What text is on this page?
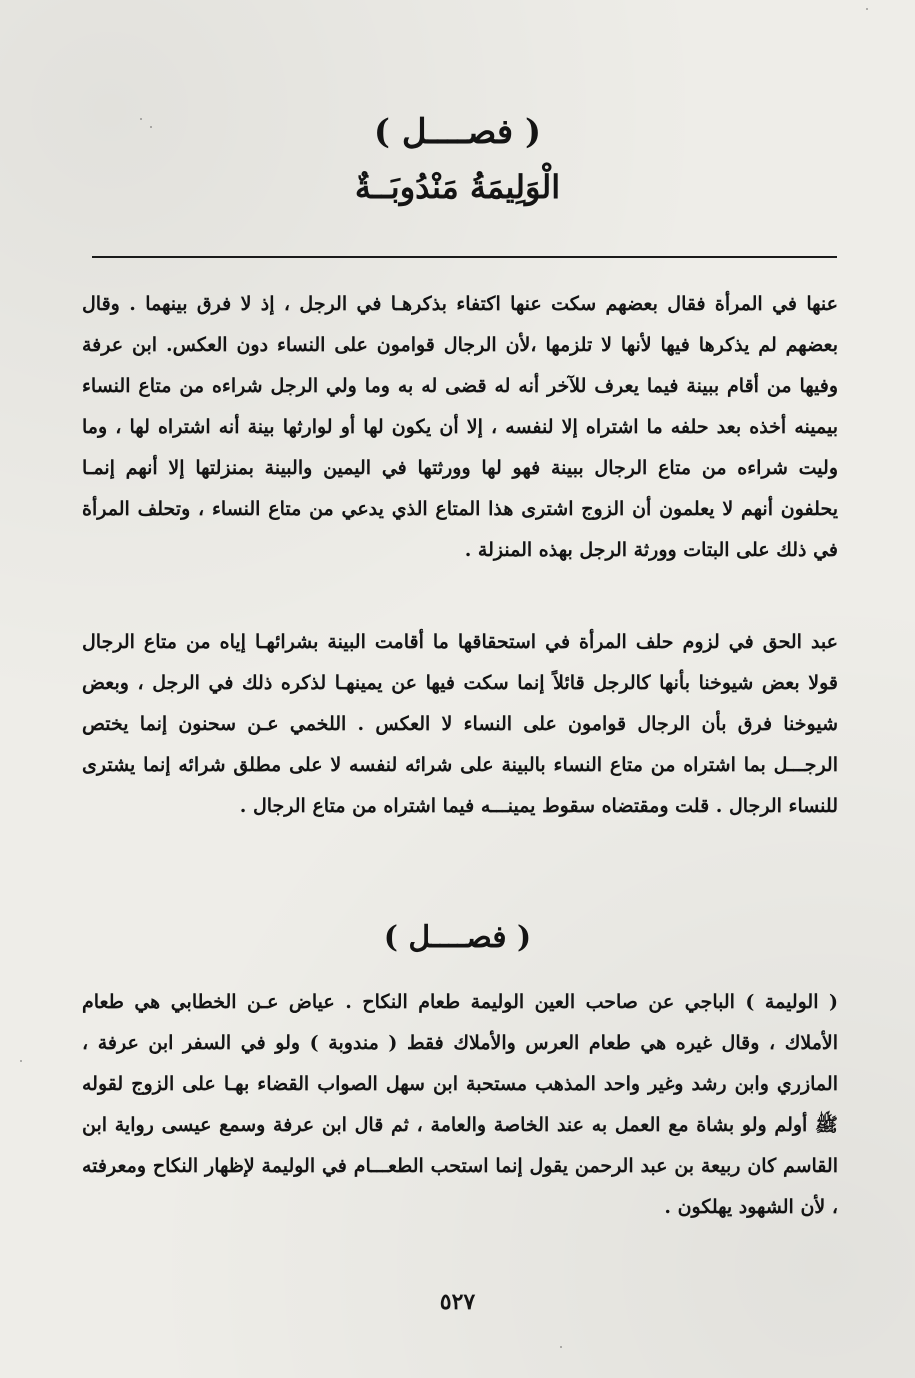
( فصــــل )
الْوَلِيمَةُ مَنْدُوبَــةٌ

عنها في المرأة فقال بعضهم سكت عنها اكتفاء بذكرهـا في الرجل ، إذ لا فرق بينهما . وقال بعضهم لم يذكرها فيها لأنها لا تلزمها ،لأن الرجال قوامون على النساء دون العكس. ابن عرفة وفيها من أقام ببينة فيما يعرف للآخر أنه له قضى له به وما ولي الرجل شراءه من متاع النساء بيمينه أخذه بعد حلفه ما اشتراه إلا لنفسه ، إلا أن يكون لها أو لوارثها بينة أنه اشتراه لها ، وما وليت شراءه من متاع الرجال ببينة فهو لها وورثتها في اليمين والبينة بمنزلتها إلا أنهم إنمـا يحلفون أنهم لا يعلمون أن الزوج اشترى هذا المتاع الذي يدعي من متاع النساء ، وتحلف المرأة في ذلك على البتات وورثة الرجل بهذه المنزلة .

عبد الحق في لزوم حلف المرأة في استحقاقها ما أقامت البينة بشرائهـا إياه من متاع الرجال قولا بعض شيوخنا بأنها كالرجل قائلاً إنما سكت فيها عن يمينهـا لذكره ذلك في الرجل ، وبعض شيوخنا فرق بأن الرجال قوامون على النساء لا العكس . اللخمي عـن سحنون إنما يختص الرجـــل بما اشتراه من متاع النساء بالبينة على شرائه لنفسه لا على مطلق شرائه إنما يشترى للنساء الرجال . قلت ومقتضاه سقوط يمينـــه فيما اشتراه من متاع الرجال .

( فصــــل )

( الوليمة ) الباجي عن صاحب العين الوليمة طعام النكاح . عياض عـن الخطابي هي طعام الأملاك ، وقال غيره هي طعام العرس والأملاك فقط ( مندوبة ) ولو في السفر ابن عرفة ، المازري وابن رشد وغير واحد المذهب مستحبة ابن سهل الصواب القضاء بهـا على الزوج لقوله ﷺ أولم ولو بشاة مع العمل به عند الخاصة والعامة ، ثم قال ابن عرفة وسمع عيسى رواية ابن القاسم كان ربيعة بن عبد الرحمن يقول إنما استحب الطعـــام في الوليمة لإظهار النكاح ومعرفته ، لأن الشهود يهلكون .

٥٢٧
